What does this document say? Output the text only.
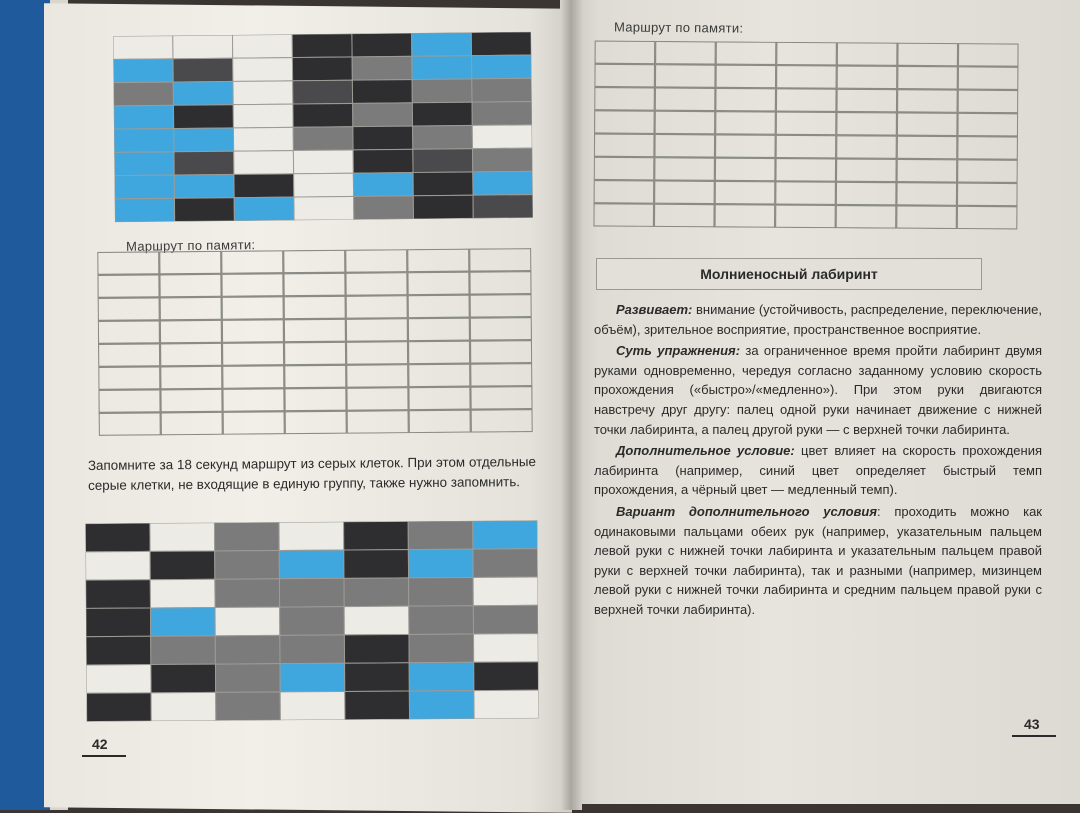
Маршрут по памяти:
Запомните за 18 секунд маршрут из серых клеток. При этом отдельные серые клетки, не входящие в единую группу, также нужно запомнить.
42
Маршрут по памяти:
Молниеносный лабиринт

Развивает: внимание (устойчивость, распределение, переключение, объём), зрительное восприятие, пространственное восприятие.

Суть упражнения: за ограниченное время пройти лабиринт двумя руками одновременно, чередуя согласно заданному условию скорость прохождения («быстро»/«медленно»). При этом руки двигаются навстречу друг другу: палец одной руки начинает движение с нижней точки лабиринта, а палец другой руки — с верхней точки лабиринта.

Дополнительное условие: цвет влияет на скорость прохождения лабиринта (например, синий цвет определяет быстрый темп прохождения, а чёрный цвет — медленный темп).

Вариант дополнительного условия: проходить можно как одинаковыми пальцами обеих рук (например, указательным пальцем левой руки с нижней точки лабиринта и указательным пальцем правой руки с верхней точки лабиринта), так и разными (например, мизинцем левой руки с нижней точки лабиринта и средним пальцем правой руки с верхней точки лабиринта).

43
